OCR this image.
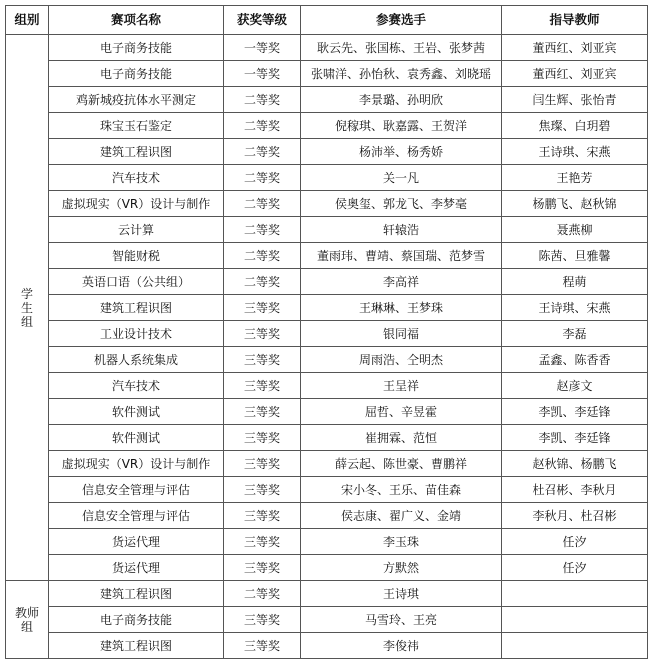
组别	赛项名称	获奖等级	参赛选手	指导教师

学
生
组	电子商务技能	一等奖	耿云先、张国栋、王岩、张梦茜	董西红、刘亚宾
	电子商务技能	一等奖	张啸洋、孙怡秋、袁秀鑫、刘晓瑶	董西红、刘亚宾
	鸡新城疫抗体水平测定	二等奖	李景璐、孙明欣	闫生辉、张怡青
	珠宝玉石鉴定	二等奖	倪稼琪、耿嘉露、王贺洋	焦璨、白玥碧
	建筑工程识图	二等奖	杨沛举、杨秀娇	王诗琪、宋燕
	汽车技术	二等奖	关一凡	王艳芳
	虚拟现实（VR）设计与制作	二等奖	侯奥玺、郭龙飞、李梦毫	杨鹏飞、赵秋锦
	云计算	二等奖	轩辕浩	聂燕柳
	智能财税	二等奖	董雨玮、曹靖、蔡国瑞、范梦雪	陈茜、旦雅馨
	英语口语（公共组）	二等奖	李高祥	程萌
	建筑工程识图	三等奖	王琳琳、王梦珠	王诗琪、宋燕
	工业设计技术	三等奖	银同福	李磊
	机器人系统集成	三等奖	周雨浩、仝明杰	孟鑫、陈香香
	汽车技术	三等奖	王呈祥	赵彦文
	软件测试	三等奖	屈哲、辛昱霍	李凯、李廷锋
	软件测试	三等奖	崔拥霖、范恒	李凯、李廷锋
	虚拟现实（VR）设计与制作	三等奖	薛云起、陈世豪、曹鹏祥	赵秋锦、杨鹏飞
	信息安全管理与评估	三等奖	宋小冬、王乐、苗佳森	杜召彬、李秋月
	信息安全管理与评估	三等奖	侯志康、翟广义、金靖	李秋月、杜召彬
	货运代理	三等奖	李玉珠	任汐
	货运代理	三等奖	方默然	任汐

教师
组	建筑工程识图	二等奖	王诗琪	
	电子商务技能	三等奖	马雪玲、王亮	
	建筑工程识图	三等奖	李俊祎	
